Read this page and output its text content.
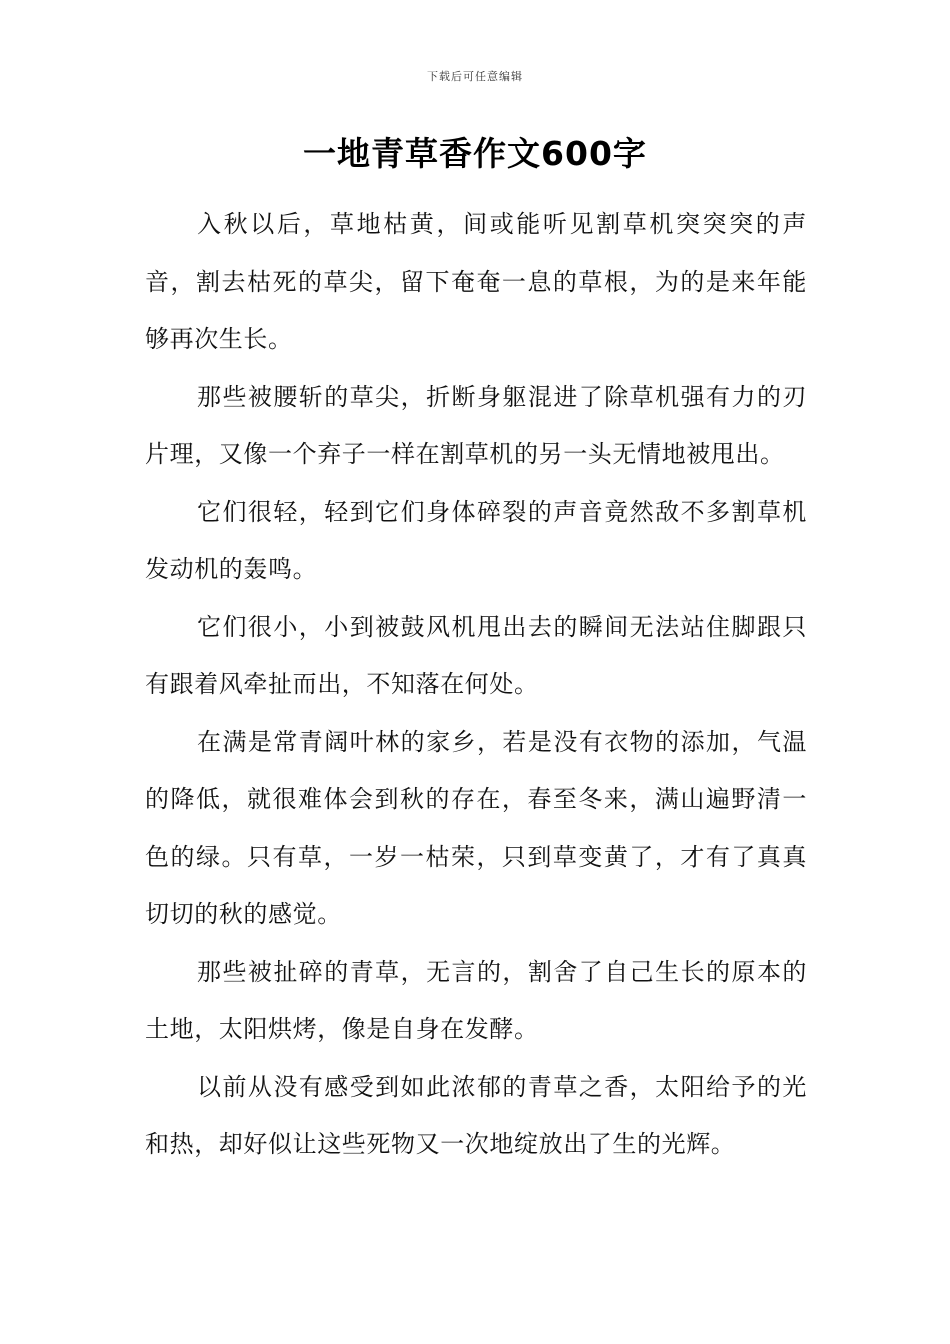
下载后可任意编辑
一地青草香作文600字

入秋以后，草地枯黄，间或能听见割草机突突突的声音，割去枯死的草尖，留下奄奄一息的草根，为的是来年能够再次生长。

那些被腰斩的草尖，折断身躯混进了除草机强有力的刃片理，又像一个弃子一样在割草机的另一头无情地被甩出。

它们很轻，轻到它们身体碎裂的声音竟然敌不多割草机发动机的轰鸣。

它们很小，小到被鼓风机甩出去的瞬间无法站住脚跟只有跟着风牵扯而出，不知落在何处。

在满是常青阔叶林的家乡，若是没有衣物的添加，气温的降低，就很难体会到秋的存在，春至冬来，满山遍野清一色的绿。只有草，一岁一枯荣，只到草变黄了，才有了真真切切的秋的感觉。

那些被扯碎的青草，无言的，割舍了自己生长的原本的土地，太阳烘烤，像是自身在发酵。

以前从没有感受到如此浓郁的青草之香，太阳给予的光和热，却好似让这些死物又一次地绽放出了生的光辉。
